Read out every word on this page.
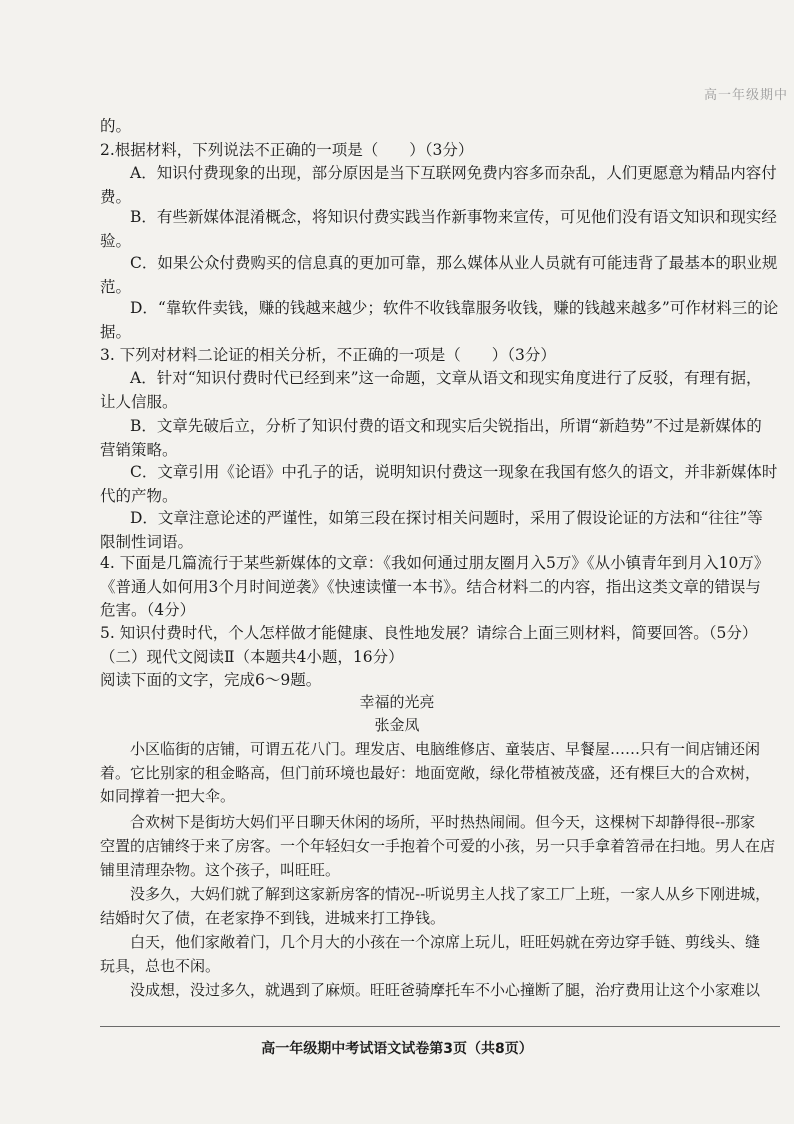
高一年级期中
的。
2.根据材料，下列说法不正确的一项是（　　）（3分）
A．知识付费现象的出现，部分原因是当下互联网免费内容多而杂乱，人们更愿意为精品内容付
费。
B．有些新媒体混淆概念，将知识付费实践当作新事物来宣传，可见他们没有语文知识和现实经
验。
C．如果公众付费购买的信息真的更加可靠，那么媒体从业人员就有可能违背了最基本的职业规
范。
D．“靠软件卖钱，赚的钱越来越少；软件不收钱靠服务收钱，赚的钱越来越多”可作材料三的论
据。
3. 下列对材料二论证的相关分析，不正确的一项是（　　）（3分）
A．针对“知识付费时代已经到来”这一命题，文章从语文和现实角度进行了反驳，有理有据，
让人信服。
B．文章先破后立，分析了知识付费的语文和现实后尖锐指出，所谓“新趋势”不过是新媒体的
营销策略。
C．文章引用《论语》中孔子的话，说明知识付费这一现象在我国有悠久的语文，并非新媒体时
代的产物。
D．文章注意论述的严谨性，如第三段在探讨相关问题时，采用了假设论证的方法和“往往”等
限制性词语。
4. 下面是几篇流行于某些新媒体的文章：《我如何通过朋友圈月入5万》《从小镇青年到月入10万》
《普通人如何用3个月时间逆袭》《快速读懂一本书》。结合材料二的内容，指出这类文章的错误与
危害。（4分）
5. 知识付费时代，个人怎样做才能健康、良性地发展？请综合上面三则材料，简要回答。（5分）
（二）现代文阅读Ⅱ（本题共4小题，16分）
阅读下面的文字，完成6～9题。
幸福的光亮
张金凤
小区临街的店铺，可谓五花八门。理发店、电脑维修店、童装店、早餐屋……只有一间店铺还闲
着。它比别家的租金略高，但门前环境也最好：地面宽敞，绿化带植被茂盛，还有棵巨大的合欢树，
如同撑着一把大伞。
合欢树下是街坊大妈们平日聊天休闲的场所，平时热热闹闹。但今天，这棵树下却静得很--那家
空置的店铺终于来了房客。一个年轻妇女一手抱着个可爱的小孩，另一只手拿着笤帚在扫地。男人在店
铺里清理杂物。这个孩子，叫旺旺。
没多久，大妈们就了解到这家新房客的情况--听说男主人找了家工厂上班，一家人从乡下刚进城，
结婚时欠了债，在老家挣不到钱，进城来打工挣钱。
白天，他们家敞着门，几个月大的小孩在一个凉席上玩儿，旺旺妈就在旁边穿手链、剪线头、缝
玩具，总也不闲。
没成想，没过多久，就遇到了麻烦。旺旺爸骑摩托车不小心撞断了腿，治疗费用让这个小家难以
高一年级期中考试语文试卷第3页（共8页）
